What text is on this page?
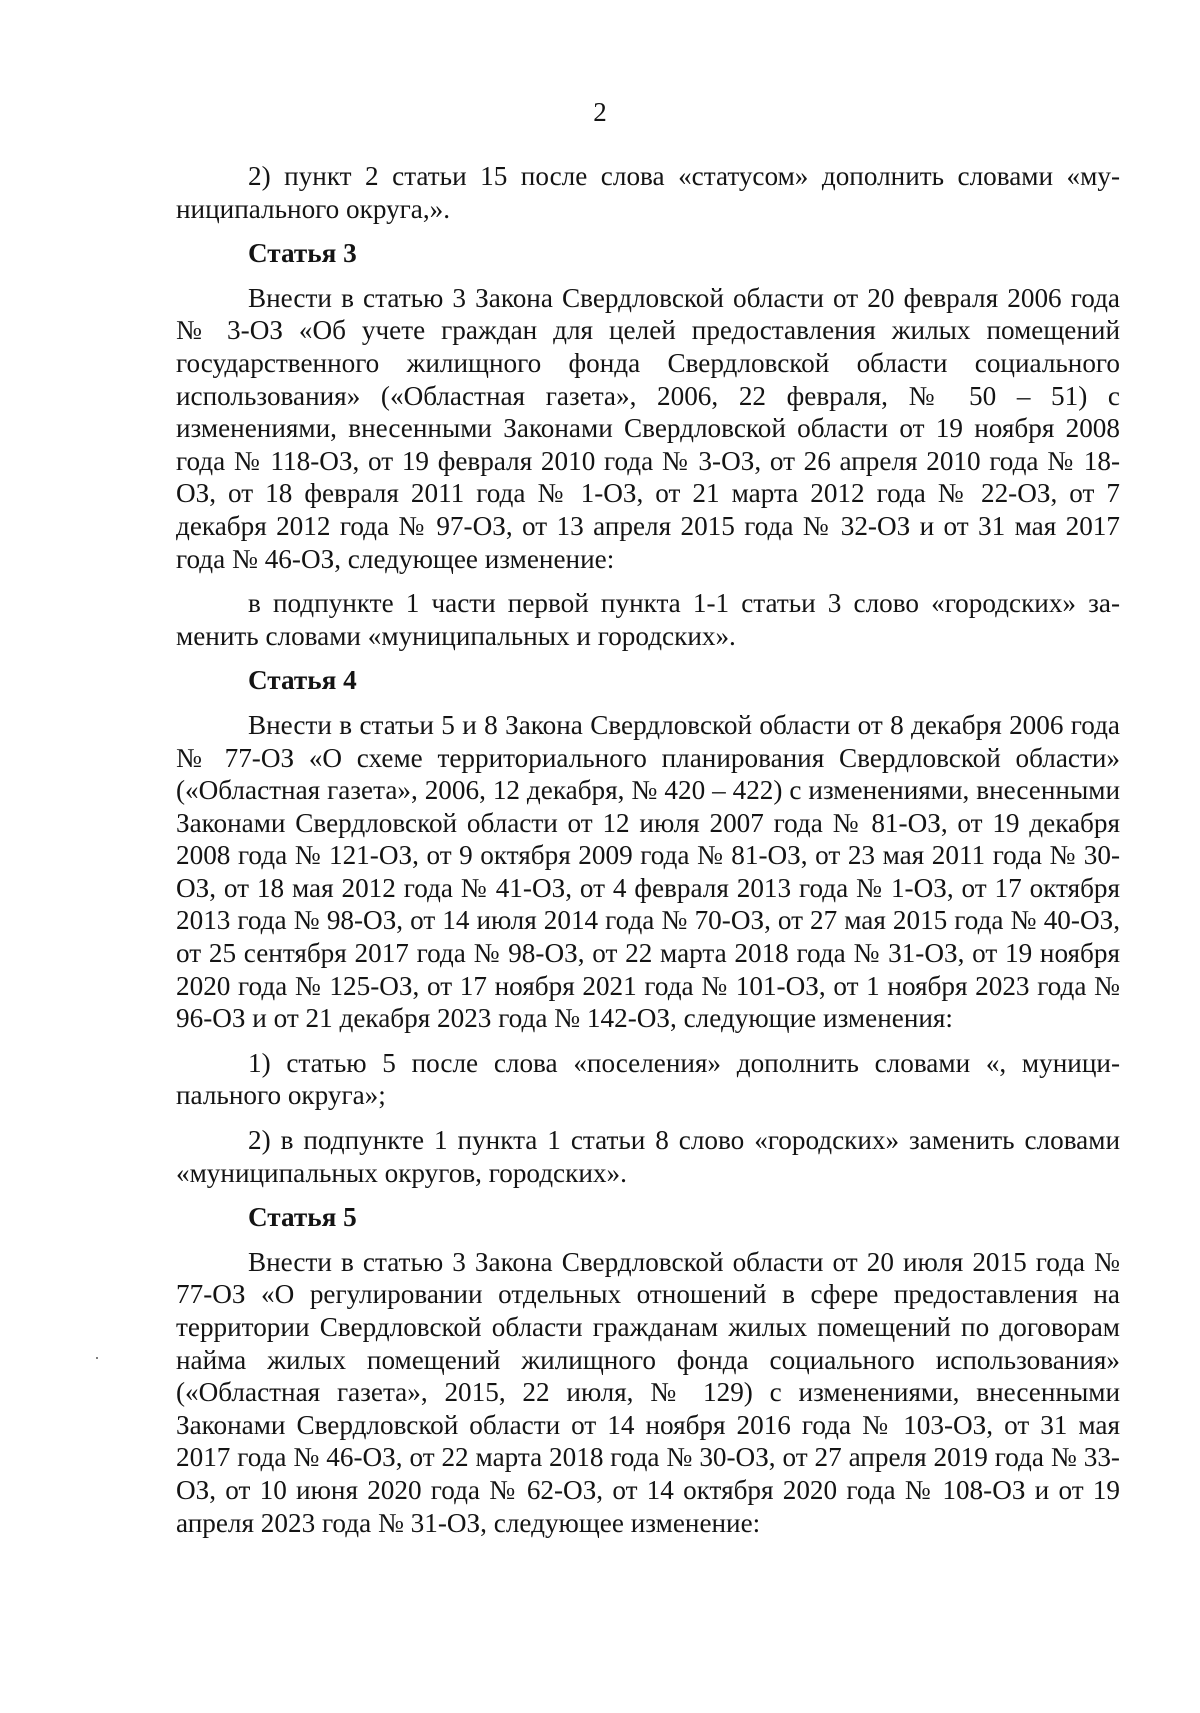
2

2) пункт 2 статьи 15 после слова «статусом» дополнить словами «муниципального округа,».

Статья 3

Внести в статью 3 Закона Свердловской области от 20 февраля 2006 года № 3-ОЗ «Об учете граждан для целей предоставления жилых помещений государственного жилищного фонда Свердловской области социального использования» («Областная газета», 2006, 22 февраля, № 50 – 51) с изменениями, внесенными Законами Свердловской области от 19 ноября 2008 года № 118-ОЗ, от 19 февраля 2010 года № 3-ОЗ, от 26 апреля 2010 года № 18-ОЗ, от 18 февраля 2011 года № 1-ОЗ, от 21 марта 2012 года № 22-ОЗ, от 7 декабря 2012 года № 97-ОЗ, от 13 апреля 2015 года № 32-ОЗ и от 31 мая 2017 года № 46-ОЗ, следующее изменение:

в подпункте 1 части первой пункта 1-1 статьи 3 слово «городских» заменить словами «муниципальных и городских».

Статья 4

Внести в статьи 5 и 8 Закона Свердловской области от 8 декабря 2006 года № 77-ОЗ «О схеме территориального планирования Свердловской области» («Областная газета», 2006, 12 декабря, № 420 – 422) с изменениями, внесенными Законами Свердловской области от 12 июля 2007 года № 81-ОЗ, от 19 декабря 2008 года № 121-ОЗ, от 9 октября 2009 года № 81-ОЗ, от 23 мая 2011 года № 30-ОЗ, от 18 мая 2012 года № 41-ОЗ, от 4 февраля 2013 года № 1-ОЗ, от 17 октября 2013 года № 98-ОЗ, от 14 июля 2014 года № 70-ОЗ, от 27 мая 2015 года № 40-ОЗ, от 25 сентября 2017 года № 98-ОЗ, от 22 марта 2018 года № 31-ОЗ, от 19 ноября 2020 года № 125-ОЗ, от 17 ноября 2021 года № 101-ОЗ, от 1 ноября 2023 года № 96-ОЗ и от 21 декабря 2023 года № 142-ОЗ, следующие изменения:

1) статью 5 после слова «поселения» дополнить словами «, муниципального округа»;

2) в подпункте 1 пункта 1 статьи 8 слово «городских» заменить словами «муниципальных округов, городских».

Статья 5

Внести в статью 3 Закона Свердловской области от 20 июля 2015 года № 77-ОЗ «О регулировании отдельных отношений в сфере предоставления на территории Свердловской области гражданам жилых помещений по договорам найма жилых помещений жилищного фонда социального использования» («Областная газета», 2015, 22 июля, № 129) с изменениями, внесенными Законами Свердловской области от 14 ноября 2016 года № 103-ОЗ, от 31 мая 2017 года № 46-ОЗ, от 22 марта 2018 года № 30-ОЗ, от 27 апреля 2019 года № 33-ОЗ, от 10 июня 2020 года № 62-ОЗ, от 14 октября 2020 года № 108-ОЗ и от 19 апреля 2023 года № 31-ОЗ, следующее изменение:
